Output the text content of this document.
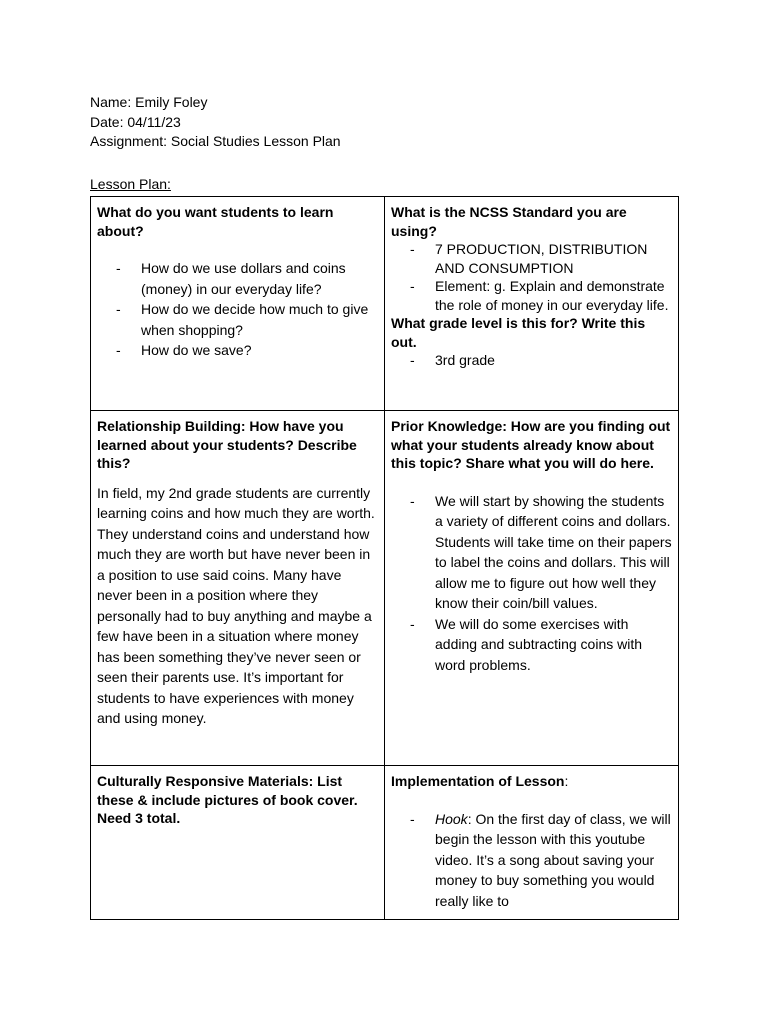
Name: Emily Foley
Date: 04/11/23
Assignment: Social Studies Lesson Plan
Lesson Plan:

What do you want students to learn about?

- How do we use dollars and coins (money) in our everyday life?
- How do we decide how much to give when shopping?
- How do we save?

What is the NCSS Standard you are using?

- 7 PRODUCTION, DISTRIBUTION AND CONSUMPTION
- Element: g. Explain and demonstrate the role of money in our everyday life.

What grade level is this for? Write this out.

- 3rd grade

Relationship Building: How have you learned about your students? Describe this?

In field, my 2nd grade students are currently learning coins and how much they are worth. They understand coins and understand how much they are worth but have never been in a position to use said coins. Many have never been in a position where they personally had to buy anything and maybe a few have been in a situation where money has been something they’ve never seen or seen their parents use. It’s important for students to have experiences with money and using money.

Prior Knowledge: How are you finding out what your students already know about this topic? Share what you will do here.

- We will start by showing the students a variety of different coins and dollars. Students will take time on their papers to label the coins and dollars. This will allow me to figure out how well they know their coin/bill values.
- We will do some exercises with adding and subtracting coins with word problems.

Culturally Responsive Materials: List these & include pictures of book cover. Need 3 total.

Implementation of Lesson:

- Hook: On the first day of class, we will begin the lesson with this youtube video. It’s a song about saving your money to buy something you would really like to
